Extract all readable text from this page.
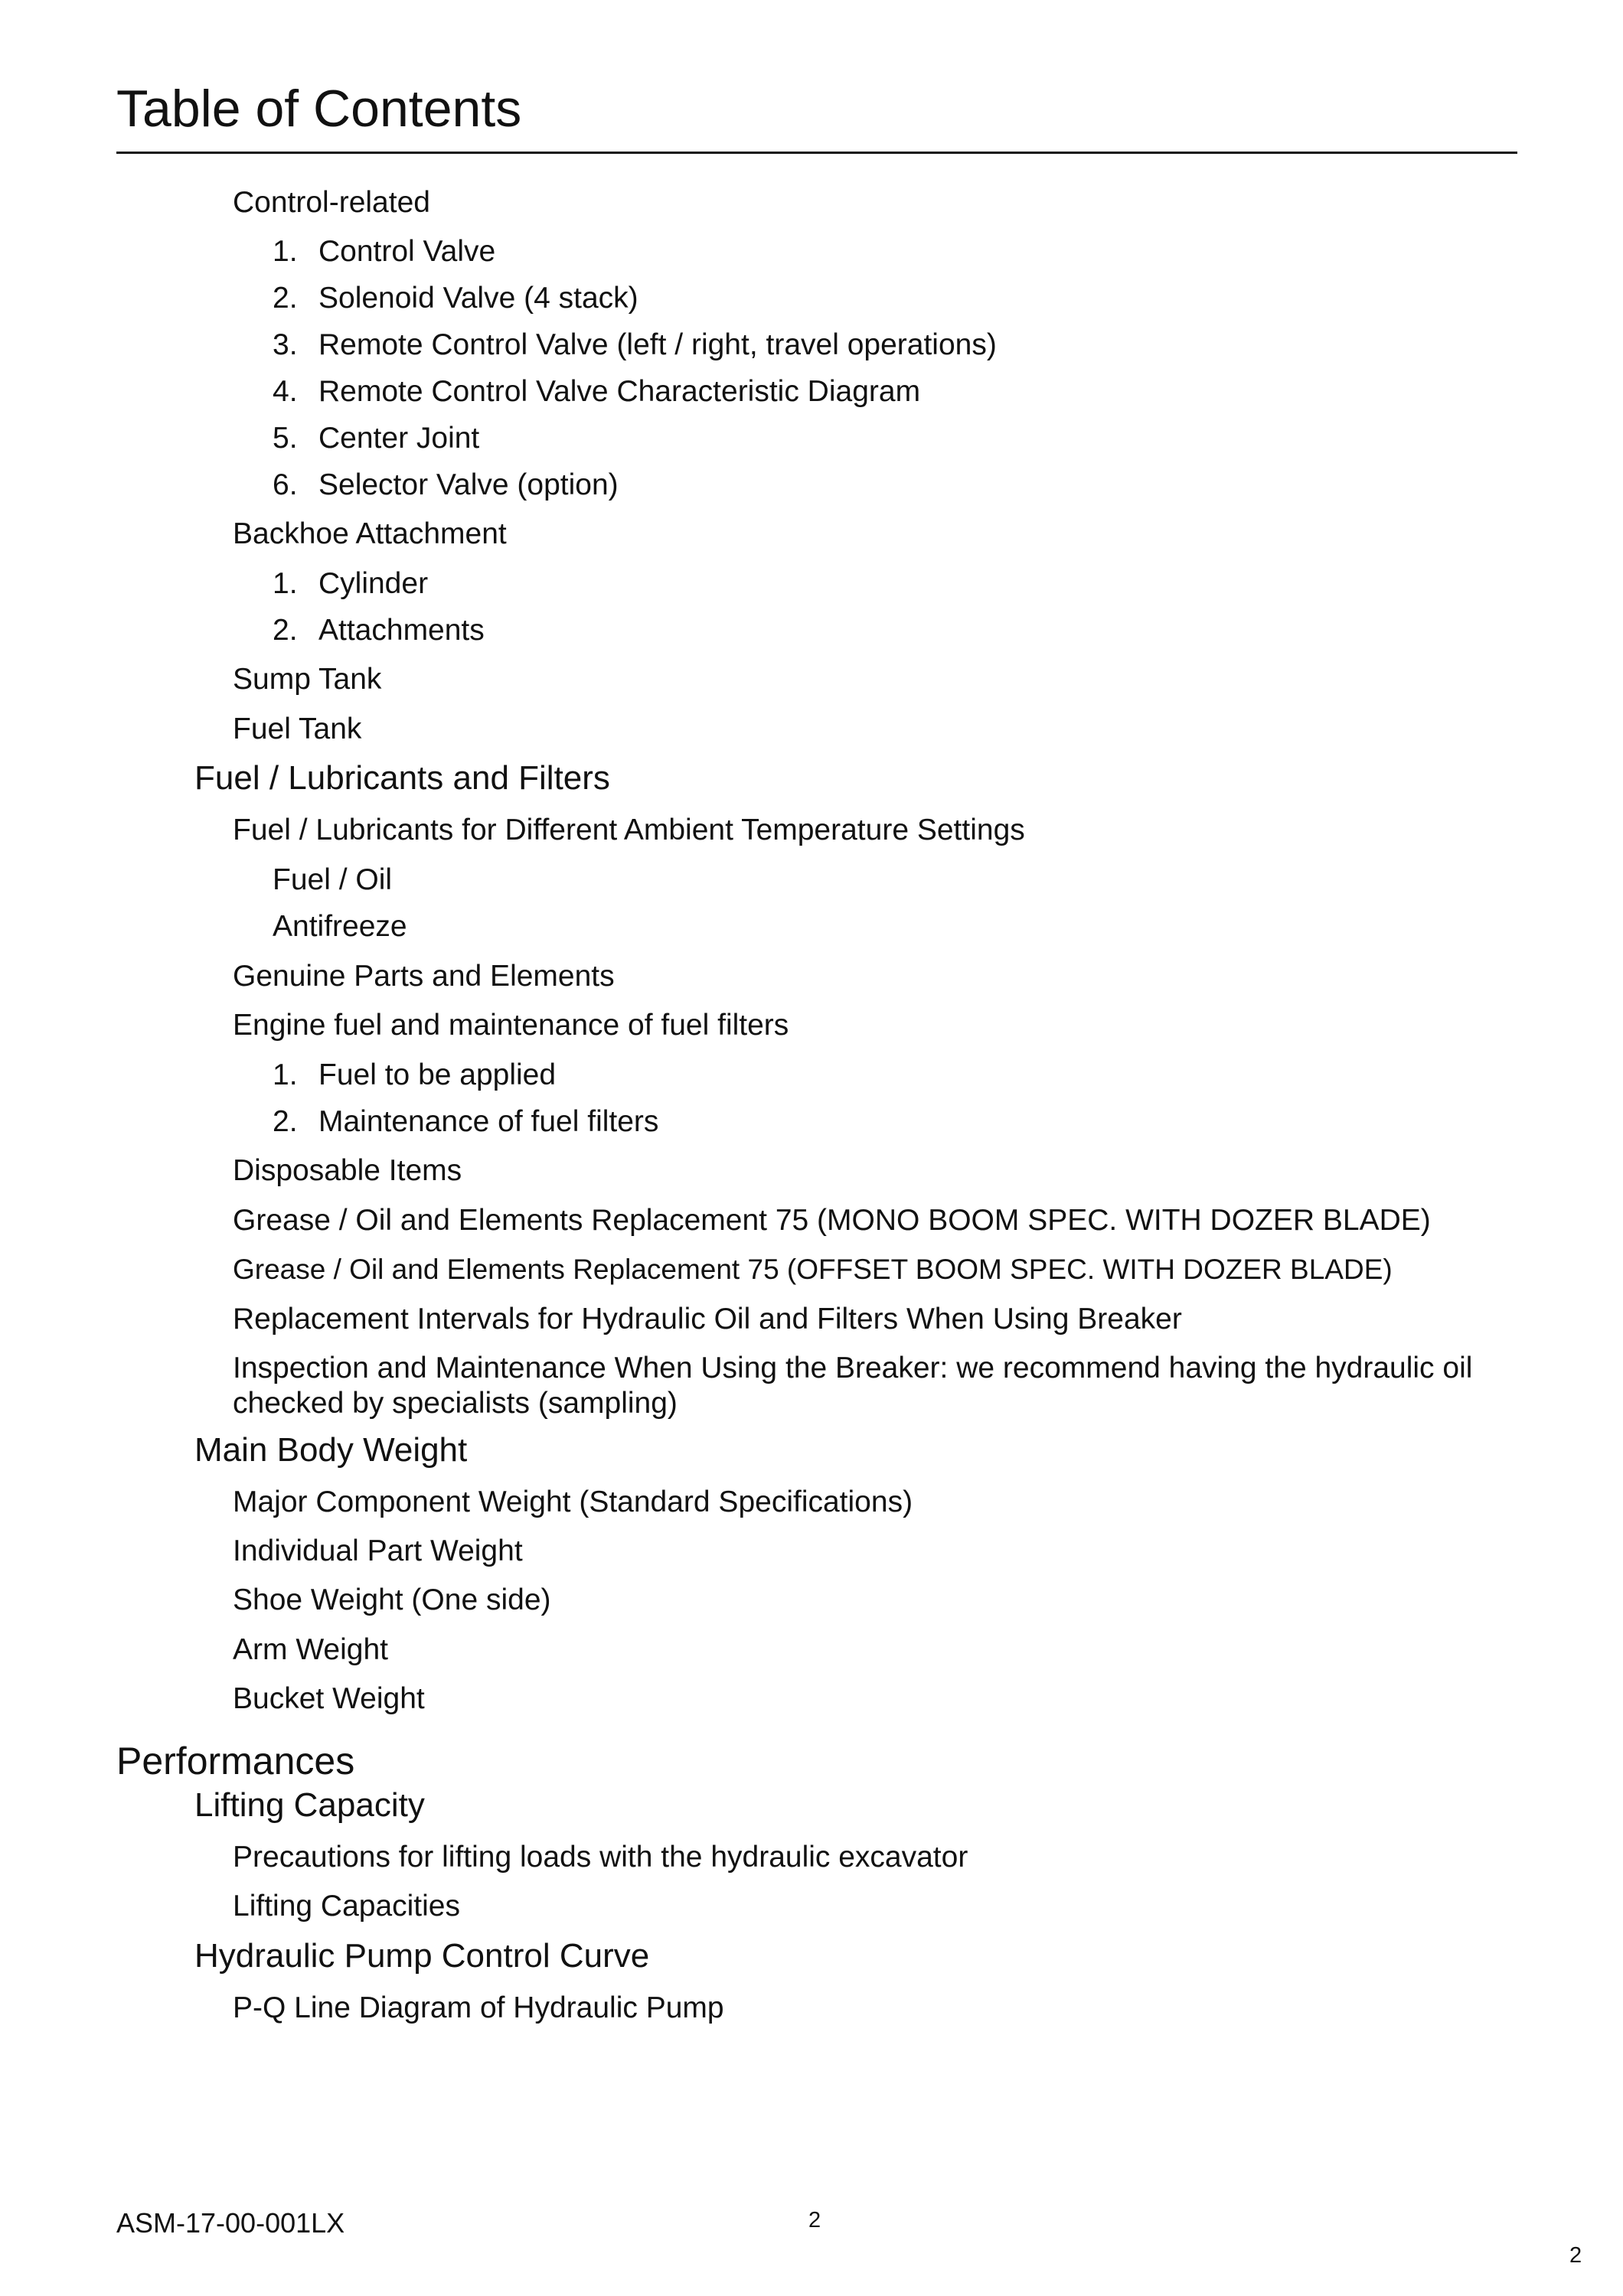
Table of Contents
Control-related
1. Control Valve
2. Solenoid Valve (4 stack)
3. Remote Control Valve (left / right, travel operations)
4. Remote Control Valve Characteristic Diagram
5. Center Joint
6. Selector Valve (option)
Backhoe Attachment
1. Cylinder
2. Attachments
Sump Tank
Fuel Tank
Fuel / Lubricants and Filters
Fuel / Lubricants for Different Ambient Temperature Settings
Fuel / Oil
Antifreeze
Genuine Parts and Elements
Engine fuel and maintenance of fuel filters
1. Fuel to be applied
2. Maintenance of fuel filters
Disposable Items
Grease / Oil and Elements Replacement 75 (MONO BOOM SPEC. WITH DOZER BLADE)
Grease / Oil and Elements Replacement 75 (OFFSET BOOM SPEC. WITH DOZER BLADE)
Replacement Intervals for Hydraulic Oil and Filters When Using Breaker
Inspection and Maintenance When Using the Breaker: we recommend having the hydraulic oil checked by specialists (sampling)
Main Body Weight
Major Component Weight (Standard Specifications)
Individual Part Weight
Shoe Weight (One side)
Arm Weight
Bucket Weight
Performances
Lifting Capacity
Precautions for lifting loads with the hydraulic excavator
Lifting Capacities
Hydraulic Pump Control Curve
P-Q Line Diagram of Hydraulic Pump
ASM-17-00-001LX	2
2
